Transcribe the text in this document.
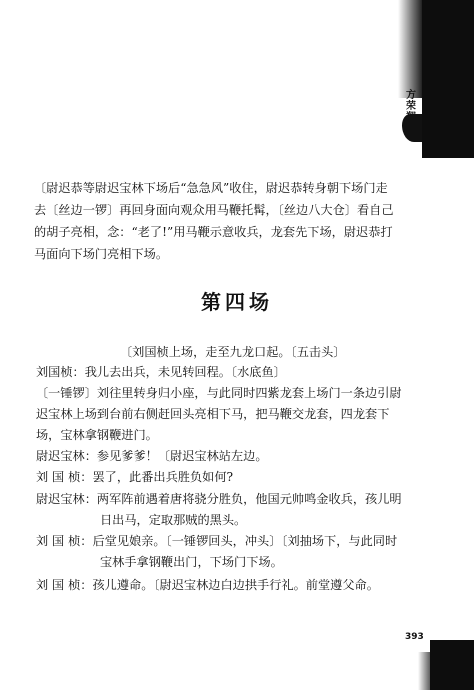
方
荣
〔尉迟恭等尉迟宝林下场后“急急风”收住，尉迟恭转身朝下场门走
去〔丝边一锣〕再回身面向观众用马鞭托髯，〔丝边八大仓〕看自己
的胡子亮相，念：“老了!”用马鞭示意收兵，龙套先下场，尉迟恭打
马面向下场门亮相下场。
第四场
〔刘国桢上场，走至九龙口起。〔五击头〕
刘国桢：我儿去出兵，未见转回程。〔水底鱼〕
〔一锤锣〕刘往里转身归小座，与此同时四紫龙套上场门一条边引尉
迟宝林上场到台前右侧赶回头亮相下马，把马鞭交龙套，四龙套下
场，宝林拿钢鞭进门。
尉迟宝林：参见爹爹！〔尉迟宝林站左边。
刘 国 桢：罢了，此番出兵胜负如何?
尉迟宝林：两军阵前遇着唐将骁分胜负，他国元帅鸣金收兵，孩儿明
日出马，定取那贼的黑头。
刘 国 桢：后堂见娘亲。〔一锤锣回头，冲头〕〔刘抽场下，与此同时
宝林手拿钢鞭出门，下场门下场。
刘 国 桢：孩儿遵命。〔尉迟宝林边白边拱手行礼。前堂遵父命。
393
